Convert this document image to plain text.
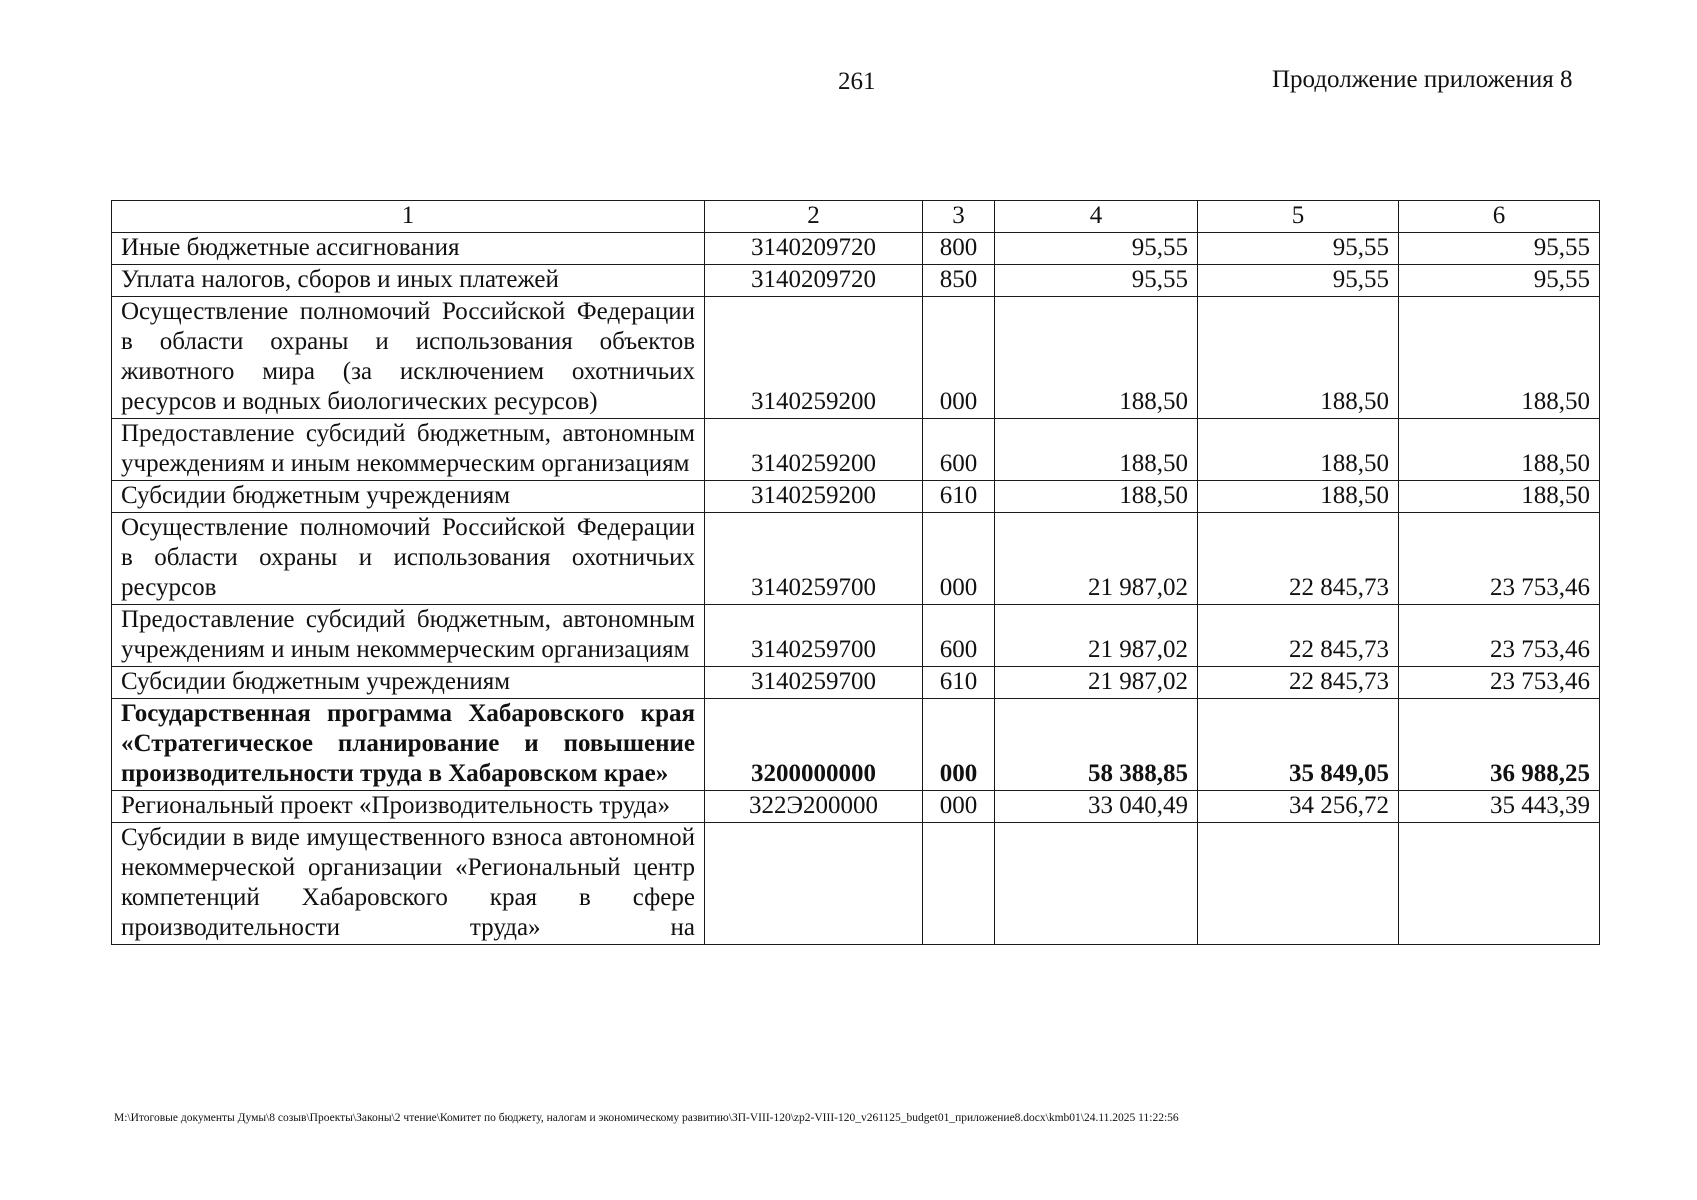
261	Продолжение приложения 8
1	2	3	4	5	6
Иные бюджетные ассигнования	3140209720	800	95,55	95,55	95,55
Уплата налогов, сборов и иных платежей	3140209720	850	95,55	95,55	95,55
Осуществление полномочий Российской Федерации в области охраны и использования объектов животного мира (за исключением охотничьих ресурсов и водных биологических ресурсов)	3140259200	000	188,50	188,50	188,50
Предоставление субсидий бюджетным, автономным учреждениям и иным некоммерческим организациям	3140259200	600	188,50	188,50	188,50
Субсидии бюджетным учреждениям	3140259200	610	188,50	188,50	188,50
Осуществление полномочий Российской Федерации в области охраны и использования охотничьих ресурсов	3140259700	000	21 987,02	22 845,73	23 753,46
Предоставление субсидий бюджетным, автономным учреждениям и иным некоммерческим организациям	3140259700	600	21 987,02	22 845,73	23 753,46
Субсидии бюджетным учреждениям	3140259700	610	21 987,02	22 845,73	23 753,46
Государственная программа Хабаровского края «Стратегическое планирование и повышение производительности труда в Хабаровском крае»	3200000000	000	58 388,85	35 849,05	36 988,25
Региональный проект «Производительность труда»	322Э200000	000	33 040,49	34 256,72	35 443,39
Субсидии в виде имущественного взноса автономной некоммерческой организации «Региональный центр компетенций Хабаровского края в сфере производительности труда» на					
M:\Итоговые документы Думы\8 созыв\Проекты\Законы\2 чтение\Комитет по бюджету, налогам и экономическому развитию\ЗП-VIII-120\zp2-VIII-120_v261125_budget01_приложение8.docx\kmb01\24.11.2025 11:22:56
